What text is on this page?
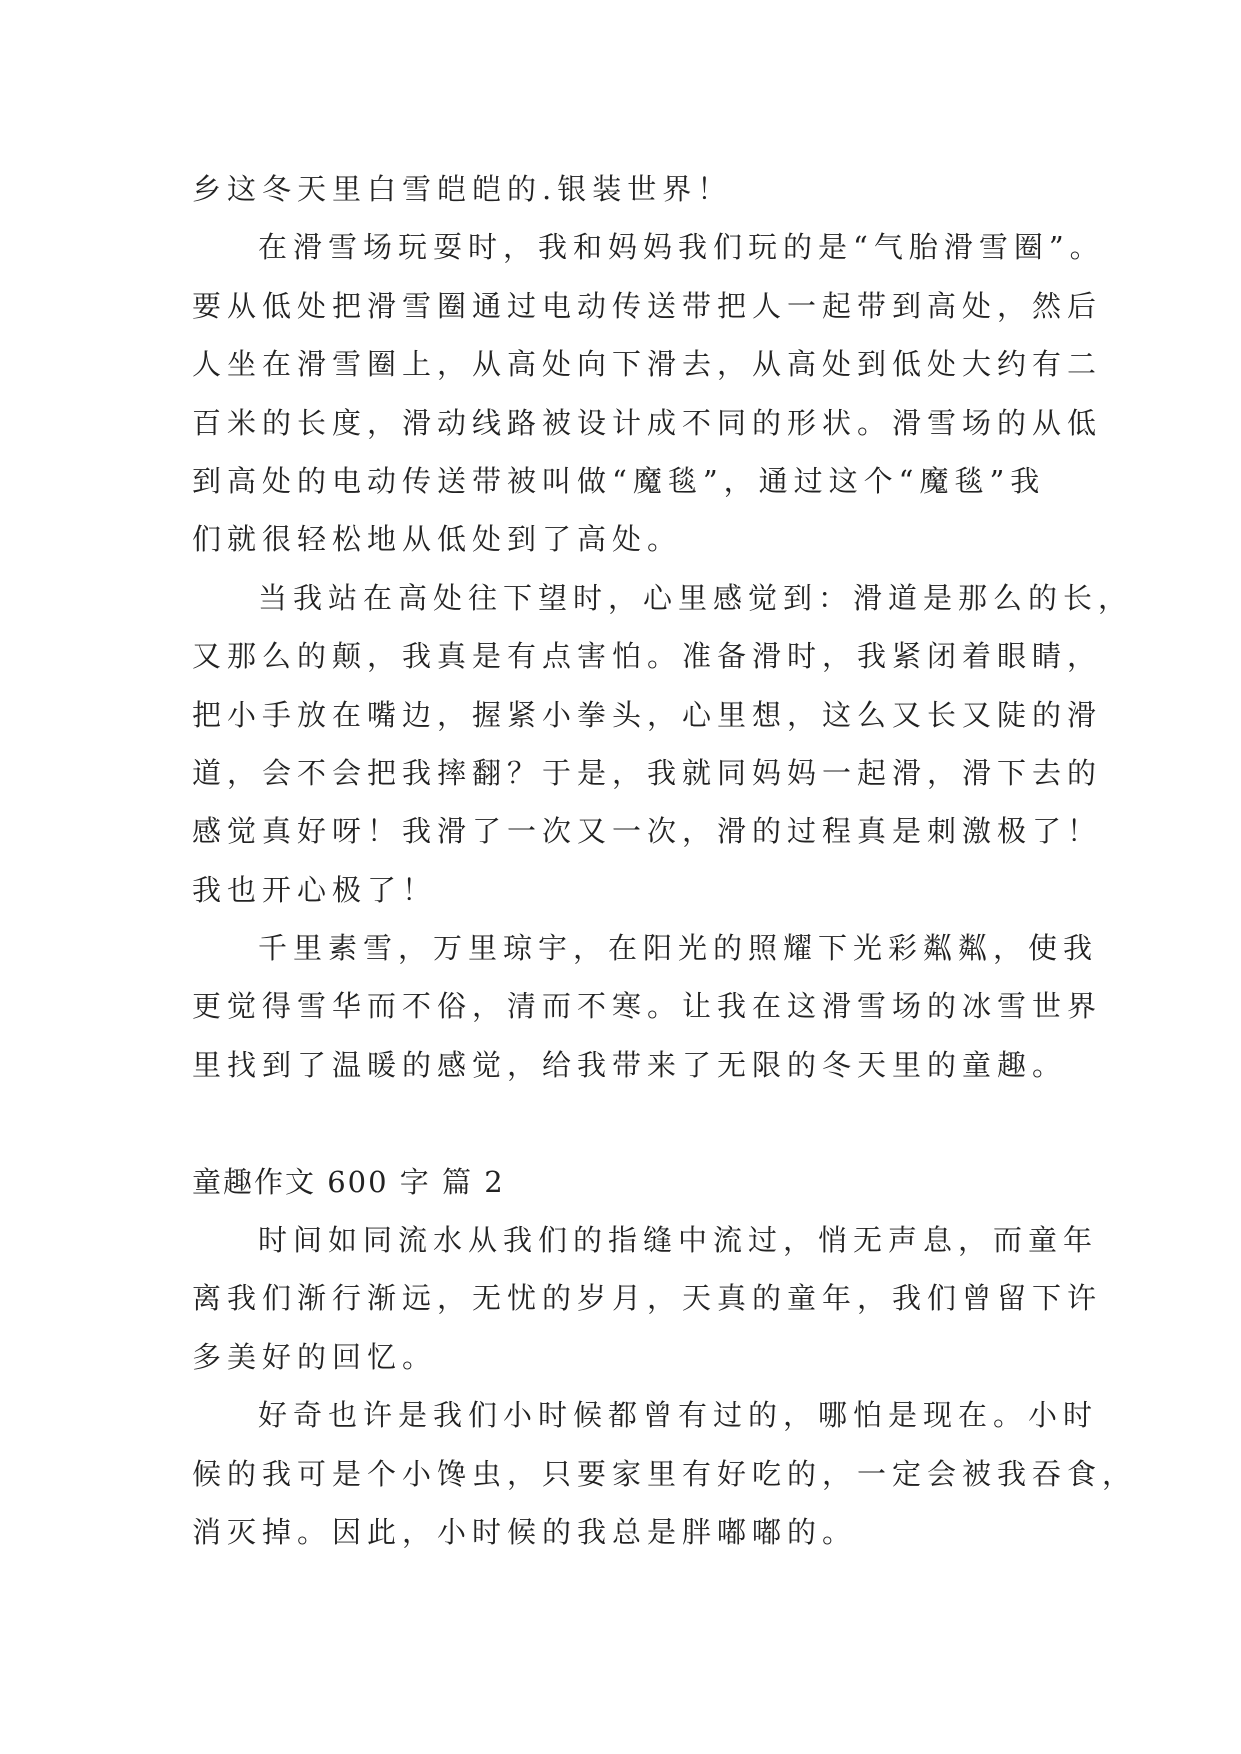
乡这冬天里白雪皑皑的.银装世界！
在滑雪场玩耍时，我和妈妈我们玩的是“气胎滑雪圈”。
要从低处把滑雪圈通过电动传送带把人一起带到高处，然后
人坐在滑雪圈上，从高处向下滑去，从高处到低处大约有二
百米的长度，滑动线路被设计成不同的形状。滑雪场的从低
到高处的电动传送带被叫做“魔毯”，通过这个“魔毯”我
们就很轻松地从低处到了高处。
当我站在高处往下望时，心里感觉到：滑道是那么的长，
又那么的颠，我真是有点害怕。准备滑时，我紧闭着眼睛，
把小手放在嘴边，握紧小拳头，心里想，这么又长又陡的滑
道，会不会把我摔翻？于是，我就同妈妈一起滑，滑下去的
感觉真好呀！我滑了一次又一次，滑的过程真是刺激极了！
我也开心极了！
千里素雪，万里琼宇，在阳光的照耀下光彩粼粼，使我
更觉得雪华而不俗，清而不寒。让我在这滑雪场的冰雪世界
里找到了温暖的感觉，给我带来了无限的冬天里的童趣。
童趣作文 600 字 篇 2
时间如同流水从我们的指缝中流过，悄无声息，而童年
离我们渐行渐远，无忧的岁月，天真的童年，我们曾留下许
多美好的回忆。
好奇也许是我们小时候都曾有过的，哪怕是现在。小时
候的我可是个小馋虫，只要家里有好吃的，一定会被我吞食，
消灭掉。因此，小时候的我总是胖嘟嘟的。
